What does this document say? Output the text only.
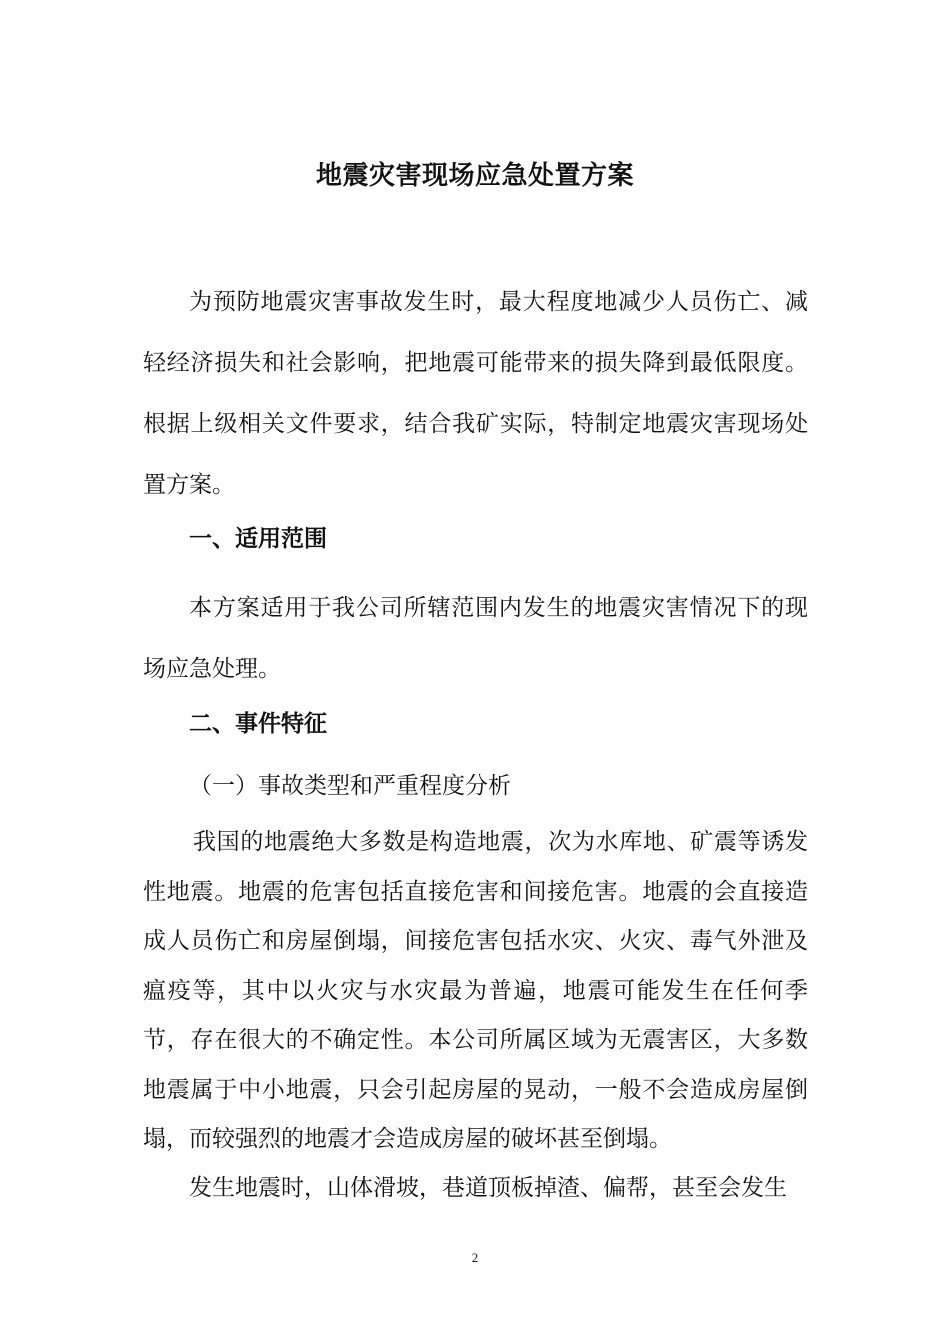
地震灾害现场应急处置方案

为预防地震灾害事故发生时，最大程度地减少人员伤亡、减轻经济损失和社会影响，把地震可能带来的损失降到最低限度。根据上级相关文件要求，结合我矿实际，特制定地震灾害现场处置方案。

一、适用范围

本方案适用于我公司所辖范围内发生的地震灾害情况下的现场应急处理。

二、事件特征
（一）事故类型和严重程度分析

我国的地震绝大多数是构造地震，次为水库地、矿震等诱发性地震。地震的危害包括直接危害和间接危害。地震的会直接造成人员伤亡和房屋倒塌，间接危害包括水灾、火灾、毒气外泄及瘟疫等，其中以火灾与水灾最为普遍，地震可能发生在任何季节，存在很大的不确定性。本公司所属区域为无震害区，大多数地震属于中小地震，只会引起房屋的晃动，一般不会造成房屋倒塌，而较强烈的地震才会造成房屋的破坏甚至倒塌。

发生地震时，山体滑坡，巷道顶板掉渣、偏帮，甚至会发生

2
